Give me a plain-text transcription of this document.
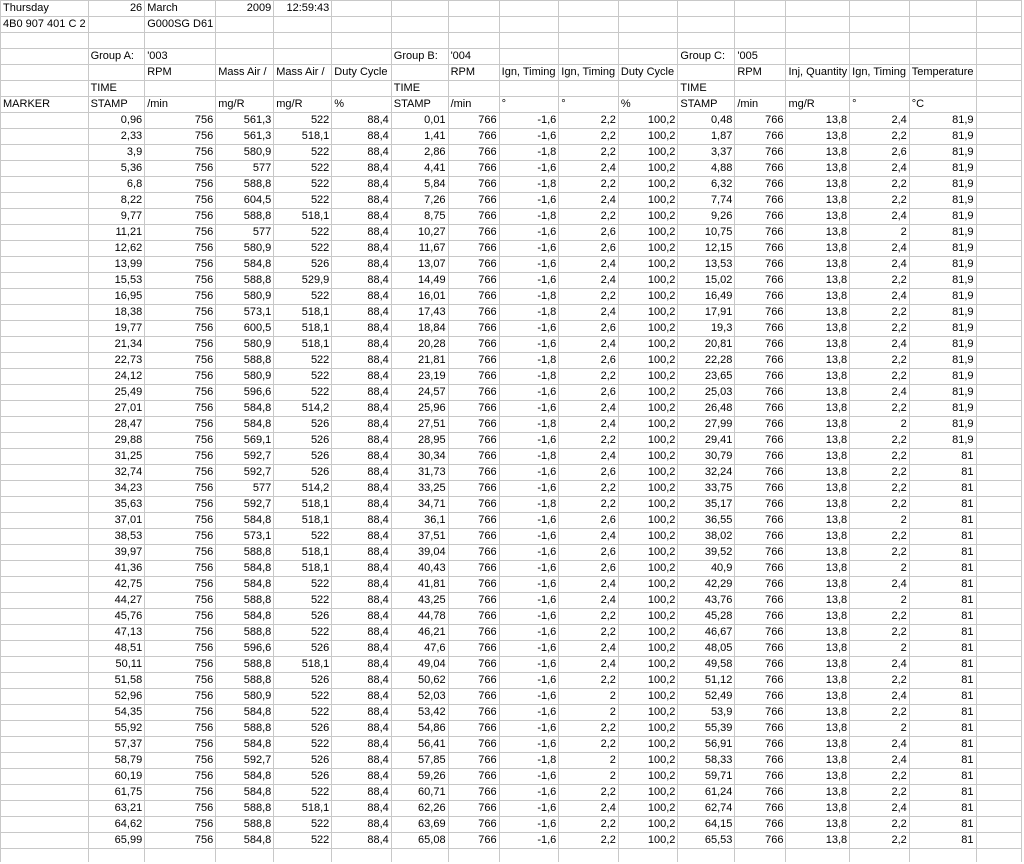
Thursday	26	March	2009	12:59:43												
4B0 907 401 C 2		G000SG D61														

	Group A:	'003				Group B:	'004				Group C:	'005				
		RPM	Mass Air /	Mass Air /	Duty Cycle		RPM	Ign, Timing	Ign, Timing	Duty Cycle		RPM	Inj, Quantity	Ign, Timing	Temperature	
	TIME					TIME					TIME					
MARKER	STAMP	/min	mg/R	mg/R	%	STAMP	/min	°	°	%	STAMP	/min	mg/R	°	°C	
	0,96	756	561,3	522	88,4	0,01	766	-1,6	2,2	100,2	0,48	766	13,8	2,4	81,9	
	2,33	756	561,3	518,1	88,4	1,41	766	-1,6	2,2	100,2	1,87	766	13,8	2,2	81,9	
	3,9	756	580,9	522	88,4	2,86	766	-1,8	2,2	100,2	3,37	766	13,8	2,6	81,9	
	5,36	756	577	522	88,4	4,41	766	-1,6	2,4	100,2	4,88	766	13,8	2,4	81,9	
	6,8	756	588,8	522	88,4	5,84	766	-1,8	2,2	100,2	6,32	766	13,8	2,2	81,9	
	8,22	756	604,5	522	88,4	7,26	766	-1,6	2,4	100,2	7,74	766	13,8	2,2	81,9	
	9,77	756	588,8	518,1	88,4	8,75	766	-1,8	2,2	100,2	9,26	766	13,8	2,4	81,9	
	11,21	756	577	522	88,4	10,27	766	-1,6	2,6	100,2	10,75	766	13,8	2	81,9	
	12,62	756	580,9	522	88,4	11,67	766	-1,6	2,6	100,2	12,15	766	13,8	2,4	81,9	
	13,99	756	584,8	526	88,4	13,07	766	-1,6	2,4	100,2	13,53	766	13,8	2,4	81,9	
	15,53	756	588,8	529,9	88,4	14,49	766	-1,6	2,4	100,2	15,02	766	13,8	2,2	81,9	
	16,95	756	580,9	522	88,4	16,01	766	-1,8	2,2	100,2	16,49	766	13,8	2,4	81,9	
	18,38	756	573,1	518,1	88,4	17,43	766	-1,8	2,4	100,2	17,91	766	13,8	2,2	81,9	
	19,77	756	600,5	518,1	88,4	18,84	766	-1,6	2,6	100,2	19,3	766	13,8	2,2	81,9	
	21,34	756	580,9	518,1	88,4	20,28	766	-1,6	2,4	100,2	20,81	766	13,8	2,4	81,9	
	22,73	756	588,8	522	88,4	21,81	766	-1,8	2,6	100,2	22,28	766	13,8	2,2	81,9	
	24,12	756	580,9	522	88,4	23,19	766	-1,8	2,2	100,2	23,65	766	13,8	2,2	81,9	
	25,49	756	596,6	522	88,4	24,57	766	-1,6	2,6	100,2	25,03	766	13,8	2,4	81,9	
	27,01	756	584,8	514,2	88,4	25,96	766	-1,6	2,4	100,2	26,48	766	13,8	2,2	81,9	
	28,47	756	584,8	526	88,4	27,51	766	-1,8	2,4	100,2	27,99	766	13,8	2	81,9	
	29,88	756	569,1	526	88,4	28,95	766	-1,6	2,2	100,2	29,41	766	13,8	2,2	81,9	
	31,25	756	592,7	526	88,4	30,34	766	-1,8	2,4	100,2	30,79	766	13,8	2,2	81	
	32,74	756	592,7	526	88,4	31,73	766	-1,6	2,6	100,2	32,24	766	13,8	2,2	81	
	34,23	756	577	514,2	88,4	33,25	766	-1,6	2,2	100,2	33,75	766	13,8	2,2	81	
	35,63	756	592,7	518,1	88,4	34,71	766	-1,8	2,2	100,2	35,17	766	13,8	2,2	81	
	37,01	756	584,8	518,1	88,4	36,1	766	-1,6	2,6	100,2	36,55	766	13,8	2	81	
	38,53	756	573,1	522	88,4	37,51	766	-1,6	2,4	100,2	38,02	766	13,8	2,2	81	
	39,97	756	588,8	518,1	88,4	39,04	766	-1,6	2,6	100,2	39,52	766	13,8	2,2	81	
	41,36	756	584,8	518,1	88,4	40,43	766	-1,6	2,6	100,2	40,9	766	13,8	2	81	
	42,75	756	584,8	522	88,4	41,81	766	-1,6	2,4	100,2	42,29	766	13,8	2,4	81	
	44,27	756	588,8	522	88,4	43,25	766	-1,6	2,4	100,2	43,76	766	13,8	2	81	
	45,76	756	584,8	526	88,4	44,78	766	-1,6	2,2	100,2	45,28	766	13,8	2,2	81	
	47,13	756	588,8	522	88,4	46,21	766	-1,6	2,2	100,2	46,67	766	13,8	2,2	81	
	48,51	756	596,6	526	88,4	47,6	766	-1,6	2,4	100,2	48,05	766	13,8	2	81	
	50,11	756	588,8	518,1	88,4	49,04	766	-1,6	2,4	100,2	49,58	766	13,8	2,4	81	
	51,58	756	588,8	526	88,4	50,62	766	-1,6	2,2	100,2	51,12	766	13,8	2,2	81	
	52,96	756	580,9	522	88,4	52,03	766	-1,6	2	100,2	52,49	766	13,8	2,4	81	
	54,35	756	584,8	522	88,4	53,42	766	-1,6	2	100,2	53,9	766	13,8	2,2	81	
	55,92	756	588,8	526	88,4	54,86	766	-1,6	2,2	100,2	55,39	766	13,8	2	81	
	57,37	756	584,8	522	88,4	56,41	766	-1,6	2,2	100,2	56,91	766	13,8	2,4	81	
	58,79	756	592,7	526	88,4	57,85	766	-1,8	2	100,2	58,33	766	13,8	2,4	81	
	60,19	756	584,8	526	88,4	59,26	766	-1,6	2	100,2	59,71	766	13,8	2,2	81	
	61,75	756	584,8	522	88,4	60,71	766	-1,6	2,2	100,2	61,24	766	13,8	2,2	81	
	63,21	756	588,8	518,1	88,4	62,26	766	-1,6	2,4	100,2	62,74	766	13,8	2,4	81	
	64,62	756	588,8	522	88,4	63,69	766	-1,6	2,2	100,2	64,15	766	13,8	2,2	81	
	65,99	756	584,8	522	88,4	65,08	766	-1,6	2,2	100,2	65,53	766	13,8	2,2	81	
